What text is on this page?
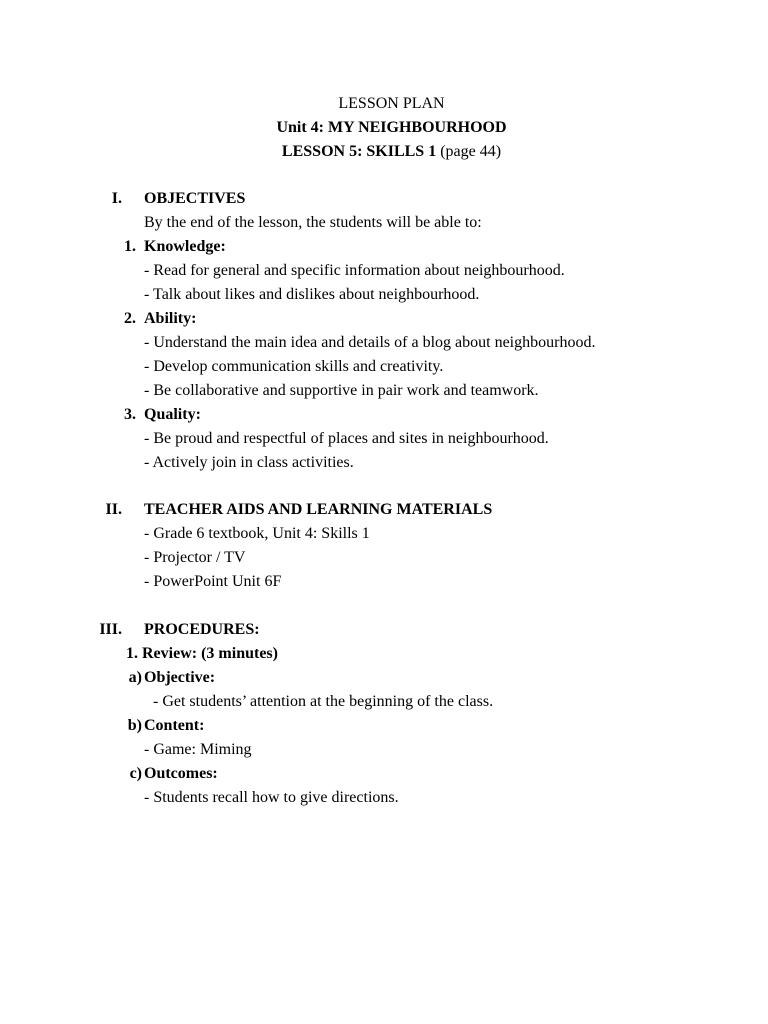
LESSON PLAN
Unit 4: MY NEIGHBOURHOOD
LESSON 5: SKILLS 1 (page 44)
I. OBJECTIVES
By the end of the lesson, the students will be able to:
1. Knowledge:
- Read for general and specific information about neighbourhood.
- Talk about likes and dislikes about neighbourhood.
2. Ability:
- Understand the main idea and details of a blog about neighbourhood.
- Develop communication skills and creativity.
- Be collaborative and supportive in pair work and teamwork.
3. Quality:
- Be proud and respectful of places and sites in neighbourhood.
- Actively join in class activities.
II. TEACHER AIDS AND LEARNING MATERIALS
- Grade 6 textbook, Unit 4: Skills 1
- Projector / TV
- PowerPoint Unit 6F
III. PROCEDURES:
1. Review: (3 minutes)
a) Objective:
- Get students’ attention at the beginning of the class.
b) Content:
- Game: Miming
c) Outcomes:
- Students recall how to give directions.
